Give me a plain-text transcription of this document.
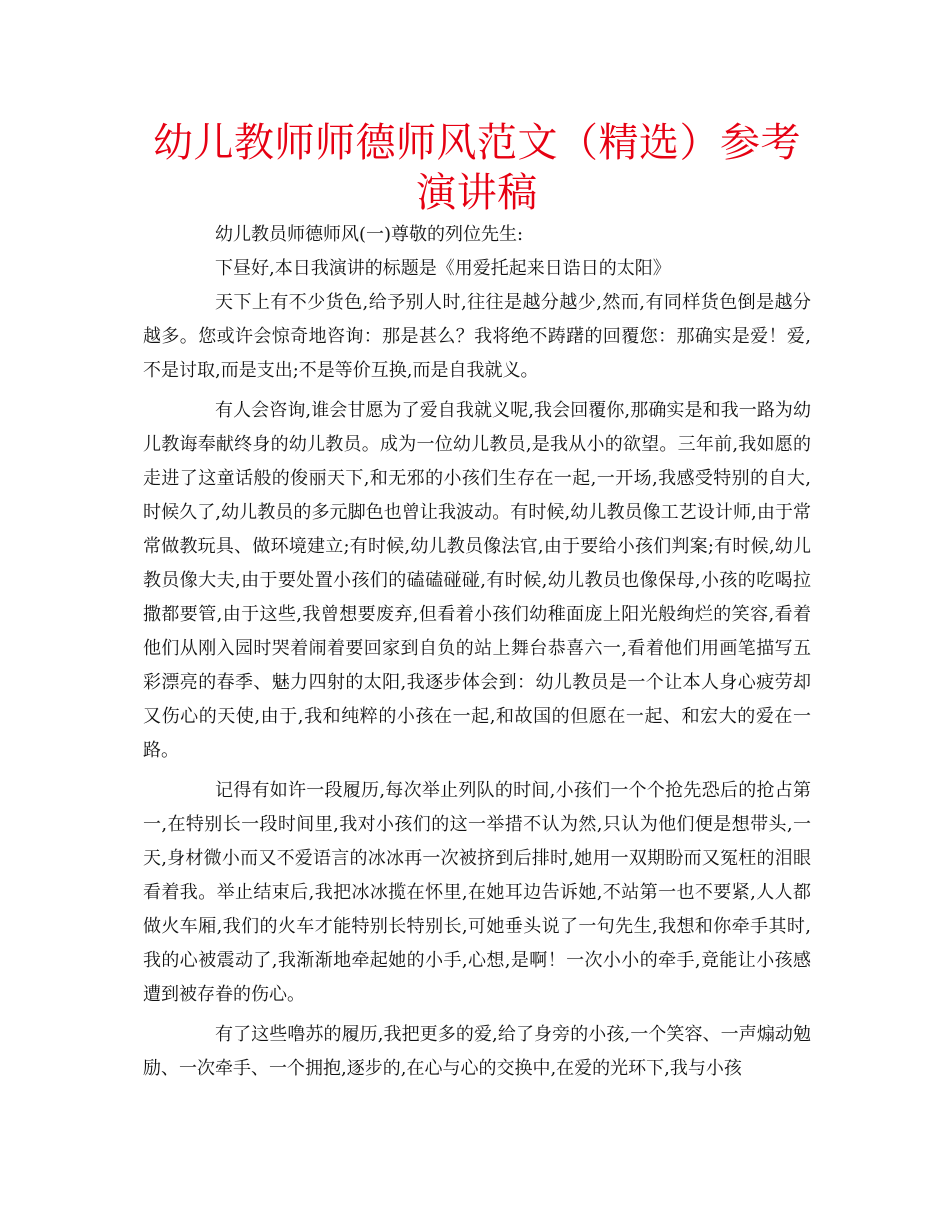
幼儿教师师德师风范文（精选）参考演讲稿

幼儿教员师德师风(一)尊敬的列位先生:

下昼好,本日我演讲的标题是《用爱托起来日诰日的太阳》

天下上有不少货色,给予别人时,往往是越分越少,然而,有同样货色倒是越分越多。您或许会惊奇地咨询：那是甚么？我将绝不踌躇的回覆您：那确实是爱！爱,不是讨取,而是支出;不是等价互换,而是自我就义。

有人会咨询,谁会甘愿为了爱自我就义呢,我会回覆你,那确实是和我一路为幼儿教诲奉献终身的幼儿教员。成为一位幼儿教员,是我从小的欲望。三年前,我如愿的走进了这童话般的俊丽天下,和无邪的小孩们生存在一起,一开场,我感受特别的自大,时候久了,幼儿教员的多元脚色也曾让我波动。有时候,幼儿教员像工艺设计师,由于常常做教玩具、做环境建立;有时候,幼儿教员像法官,由于要给小孩们判案;有时候,幼儿教员像大夫,由于要处置小孩们的磕磕碰碰,有时候,幼儿教员也像保母,小孩的吃喝拉撒都要管,由于这些,我曾想要废弃,但看着小孩们幼稚面庞上阳光般绚烂的笑容,看着他们从刚入园时哭着闹着要回家到自负的站上舞台恭喜六一,看着他们用画笔描写五彩漂亮的春季、魅力四射的太阳,我逐步体会到：幼儿教员是一个让本人身心疲劳却又伤心的天使,由于,我和纯粹的小孩在一起,和故国的但愿在一起、和宏大的爱在一路。

记得有如许一段履历,每次举止列队的时间,小孩们一个个抢先恐后的抢占第一,在特别长一段时间里,我对小孩们的这一举措不认为然,只认为他们便是想带头,一天,身材微小而又不爱语言的冰冰再一次被挤到后排时,她用一双期盼而又冤枉的泪眼看着我。举止结束后,我把冰冰揽在怀里,在她耳边告诉她,不站第一也不要紧,人人都做火车厢,我们的火车才能特别长特别长,可她垂头说了一句先生,我想和你牵手其时,我的心被震动了,我渐渐地牵起她的小手,心想,是啊！一次小小的牵手,竟能让小孩感遭到被存眷的伤心。

有了这些噜苏的履历,我把更多的爱,给了身旁的小孩,一个笑容、一声煽动勉励、一次牵手、一个拥抱,逐步的,在心与心的交换中,在爱的光环下,我与小孩
